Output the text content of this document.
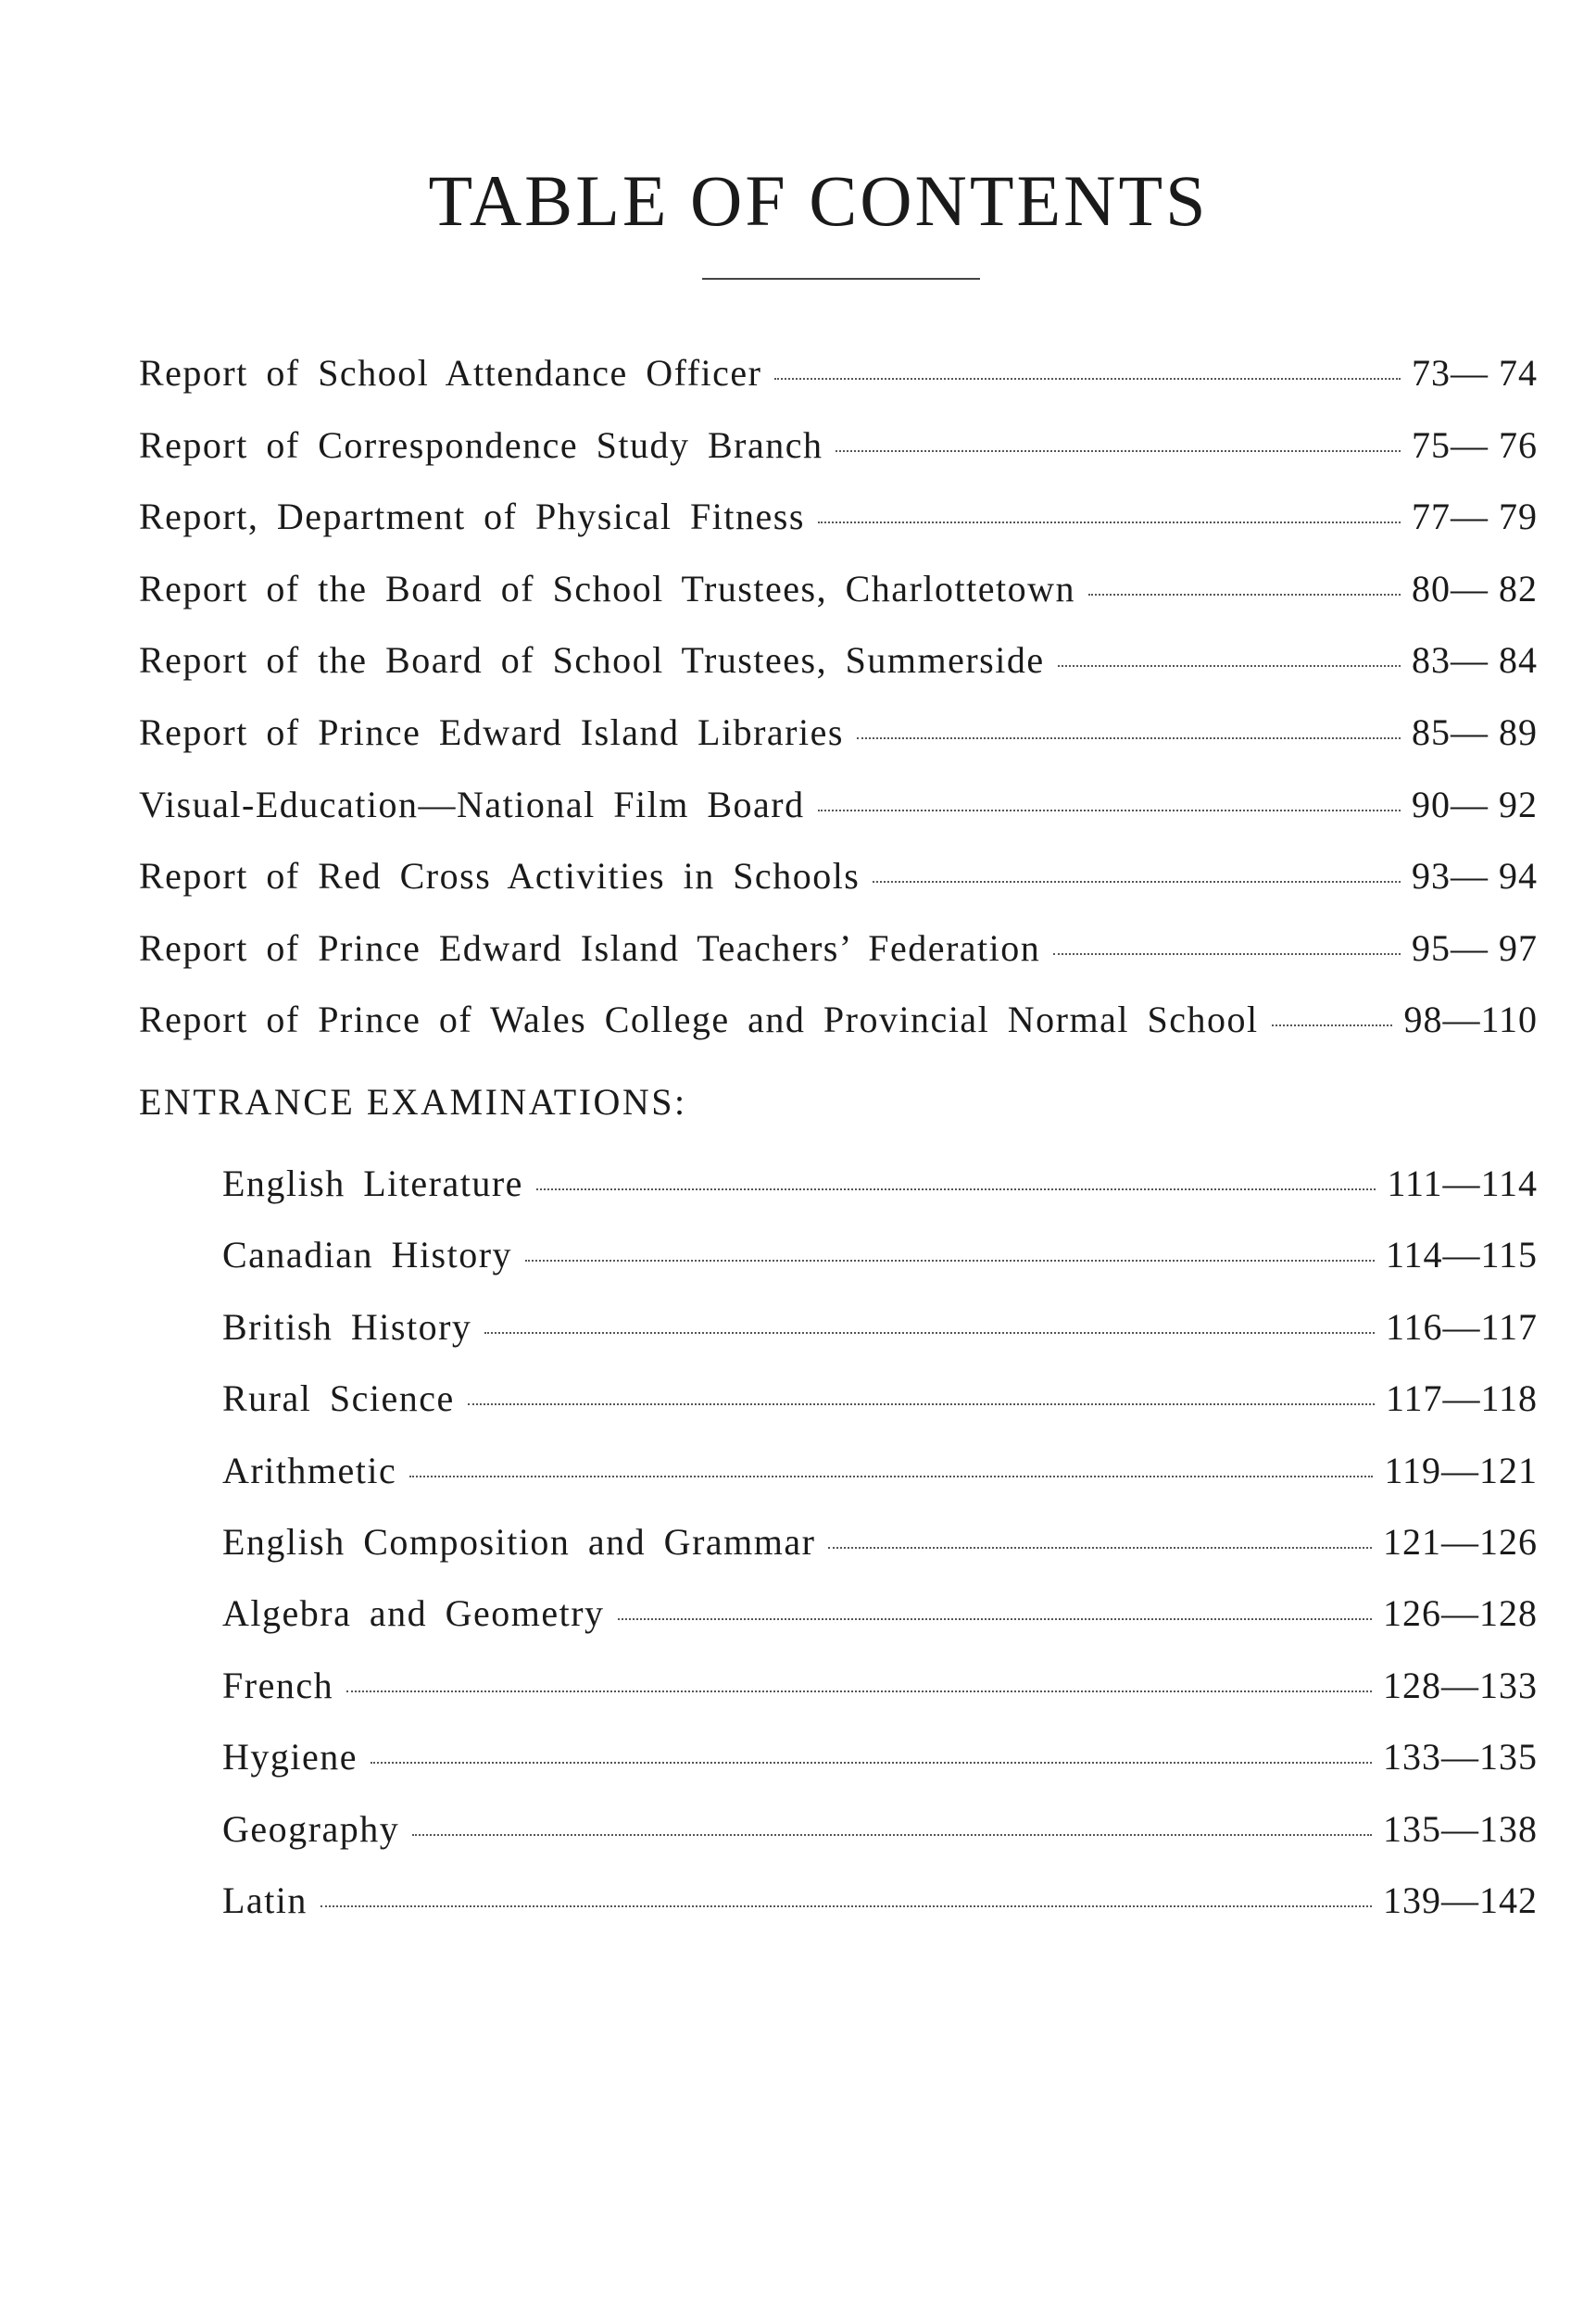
TABLE OF CONTENTS
Report of School Attendance Officer	73— 74
Report of Correspondence Study Branch	75— 76
Report, Department of Physical Fitness	77— 79
Report of the Board of School Trustees, Charlottetown	80— 82
Report of the Board of School Trustees, Summerside	83— 84
Report of Prince Edward Island Libraries	85— 89
Visual-Education—National Film Board	90— 92
Report of Red Cross Activities in Schools	93— 94
Report of Prince Edward Island Teachers’ Federation	95— 97
Report of Prince of Wales College and Provincial Normal School	98—110
English Literature	111—114
Canadian History	114—115
British History	116—117
Rural Science	117—118
Arithmetic	119—121
English Composition and Grammar	121—126
Algebra and Geometry	126—128
French	128—133
Hygiene	133—135
Geography	135—138
Latin	139—142
ENTRANCE EXAMINATIONS:
